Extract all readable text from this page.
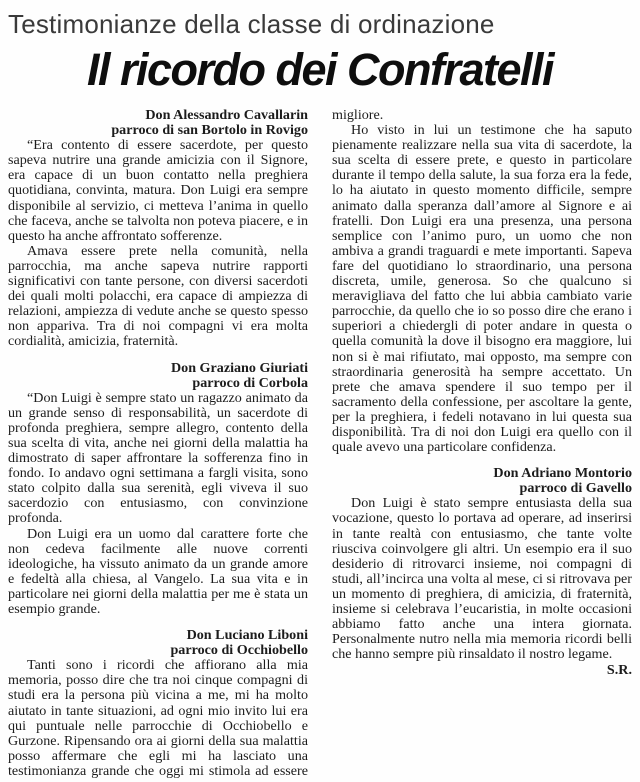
Testimonianze della classe di ordinazione
Il ricordo dei Confratelli
Don Alessandro Cavallarin
parroco di san Bortolo in Rovigo

“Era contento di essere sacerdote, per questo sapeva nutrire una grande amicizia con il Signore, era capace di un buon contatto nella preghiera quotidiana, convinta, matura. Don Luigi era sempre disponibile al servizio, ci metteva l’anima in quello che faceva, anche se talvolta non poteva piacere, e in questo ha anche affrontato sofferenze.

Amava essere prete nella comunità, nella parrocchia, ma anche sapeva nutrire rapporti significativi con tante persone, con diversi sacerdoti dei quali molti polacchi, era capace di ampiezza di relazioni, ampiezza di vedute anche se questo spesso non appariva. Tra di noi compagni vi era molta cordialità, amicizia, fraternità.

Don Graziano Giuriati
parroco di Corbola

“Don Luigi è sempre stato un ragazzo animato da un grande senso di responsabilità, un sacerdote di profonda preghiera, sempre allegro, contento della sua scelta di vita, anche nei giorni della malattia ha dimostrato di saper affrontare la sofferenza fino in fondo. Io andavo ogni settimana a fargli visita, sono stato colpito dalla sua serenità, egli viveva il suo sacerdozio con entusiasmo, con convinzione profonda.

Don Luigi era un uomo dal carattere forte che non cedeva facilmente alle nuove correnti ideologiche, ha vissuto animato da un grande amore e fedeltà alla chiesa, al Vangelo. La sua vita e in particolare nei giorni della malattia per me è stata un esempio grande.

Don Luciano Liboni
parroco di Occhiobello

Tanti sono i ricordi che affiorano alla mia memoria, posso dire che tra noi cinque compagni di studi era la persona più vicina a me, mi ha molto aiutato in tante situazioni, ad ogni mio invito lui era qui puntuale nelle parrocchie di Occhiobello e Gurzone. Ripensando ora ai giorni della sua malattia posso affermare che egli mi ha lasciato una testimonianza grande che oggi mi stimola ad essere migliore.

Ho visto in lui un testimone che ha saputo pienamente realizzare nella sua vita di sacerdote, la sua scelta di essere prete, e questo in particolare durante il tempo della salute, la sua forza era la fede, lo ha aiutato in questo momento difficile, sempre animato dalla speranza dall’amore al Signore e ai fratelli. Don Luigi era una presenza, una persona semplice con l’animo puro, un uomo che non ambiva a grandi traguardi e mete importanti. Sapeva fare del quotidiano lo straordinario, una persona discreta, umile, generosa. So che qualcuno si meravigliava del fatto che lui abbia cambiato varie parrocchie, da quello che io so posso dire che erano i superiori a chiedergli di poter andare in questa o quella comunità la dove il bisogno era maggiore, lui non si è mai rifiutato, mai opposto, ma sempre con straordinaria generosità ha sempre accettato. Un prete che amava spendere il suo tempo per il sacramento della confessione, per ascoltare la gente, per la preghiera, i fedeli notavano in lui questa sua disponibilità. Tra di noi don Luigi era quello con il quale avevo una particolare confidenza.

Don Adriano Montorio
parroco di Gavello

Don Luigi è stato sempre entusiasta della sua vocazione, questo lo portava ad operare, ad inserirsi in tante realtà con entusiasmo, che tante volte riusciva coinvolgere gli altri. Un esempio era il suo desiderio di ritrovarci insieme, noi compagni di studi, all’incirca una volta al mese, ci si ritrovava per un momento di preghiera, di amicizia, di fraternità, insieme si celebrava l’eucaristia, in molte occasioni abbiamo fatto anche una intera giornata. Personalmente nutro nella mia memoria ricordi belli che hanno sempre più rinsaldato il nostro legame.

S.R.
